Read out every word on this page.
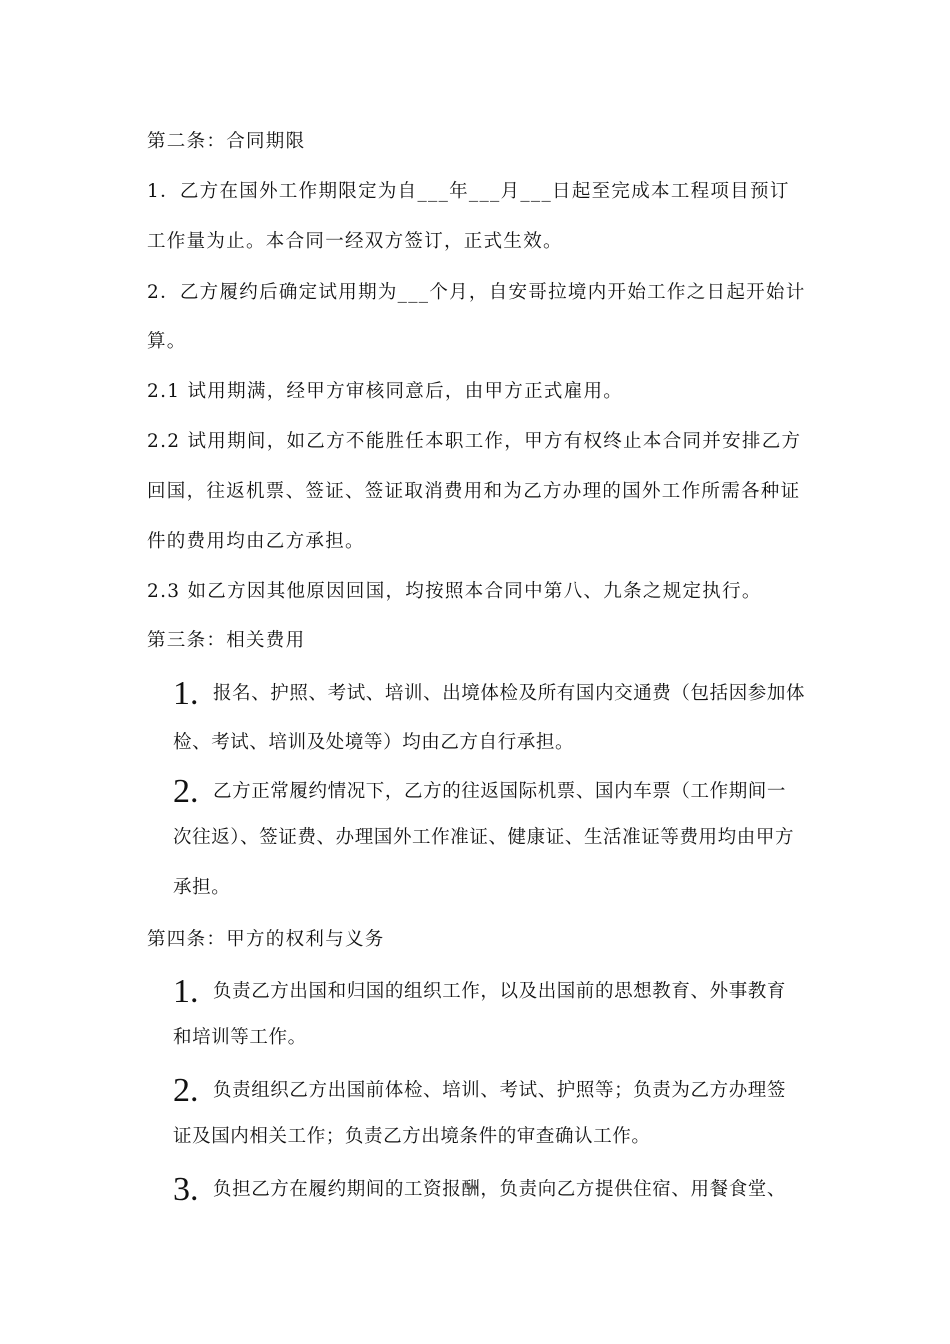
第二条：合同期限
1．乙方在国外工作期限定为自___年___月___日起至完成本工程项目预订
工作量为止。本合同一经双方签订，正式生效。
2．乙方履约后确定试用期为___个月，自安哥拉境内开始工作之日起开始计
算。
2.1 试用期满，经甲方审核同意后，由甲方正式雇用。
2.2 试用期间，如乙方不能胜任本职工作，甲方有权终止本合同并安排乙方
回国，往返机票、签证、签证取消费用和为乙方办理的国外工作所需各种证
件的费用均由乙方承担。
2.3 如乙方因其他原因回国，均按照本合同中第八、九条之规定执行。
第三条：相关费用
1. 报名、护照、考试、培训、出境体检及所有国内交通费（包括因参加体
检、考试、培训及处境等）均由乙方自行承担。
2. 乙方正常履约情况下，乙方的往返国际机票、国内车票（工作期间一
次往返）、签证费、办理国外工作准证、健康证、生活准证等费用均由甲方
承担。
第四条：甲方的权利与义务
1. 负责乙方出国和归国的组织工作，以及出国前的思想教育、外事教育
和培训等工作。
2. 负责组织乙方出国前体检、培训、考试、护照等；负责为乙方办理签
证及国内相关工作；负责乙方出境条件的审查确认工作。
3. 负担乙方在履约期间的工资报酬，负责向乙方提供住宿、用餐食堂、
